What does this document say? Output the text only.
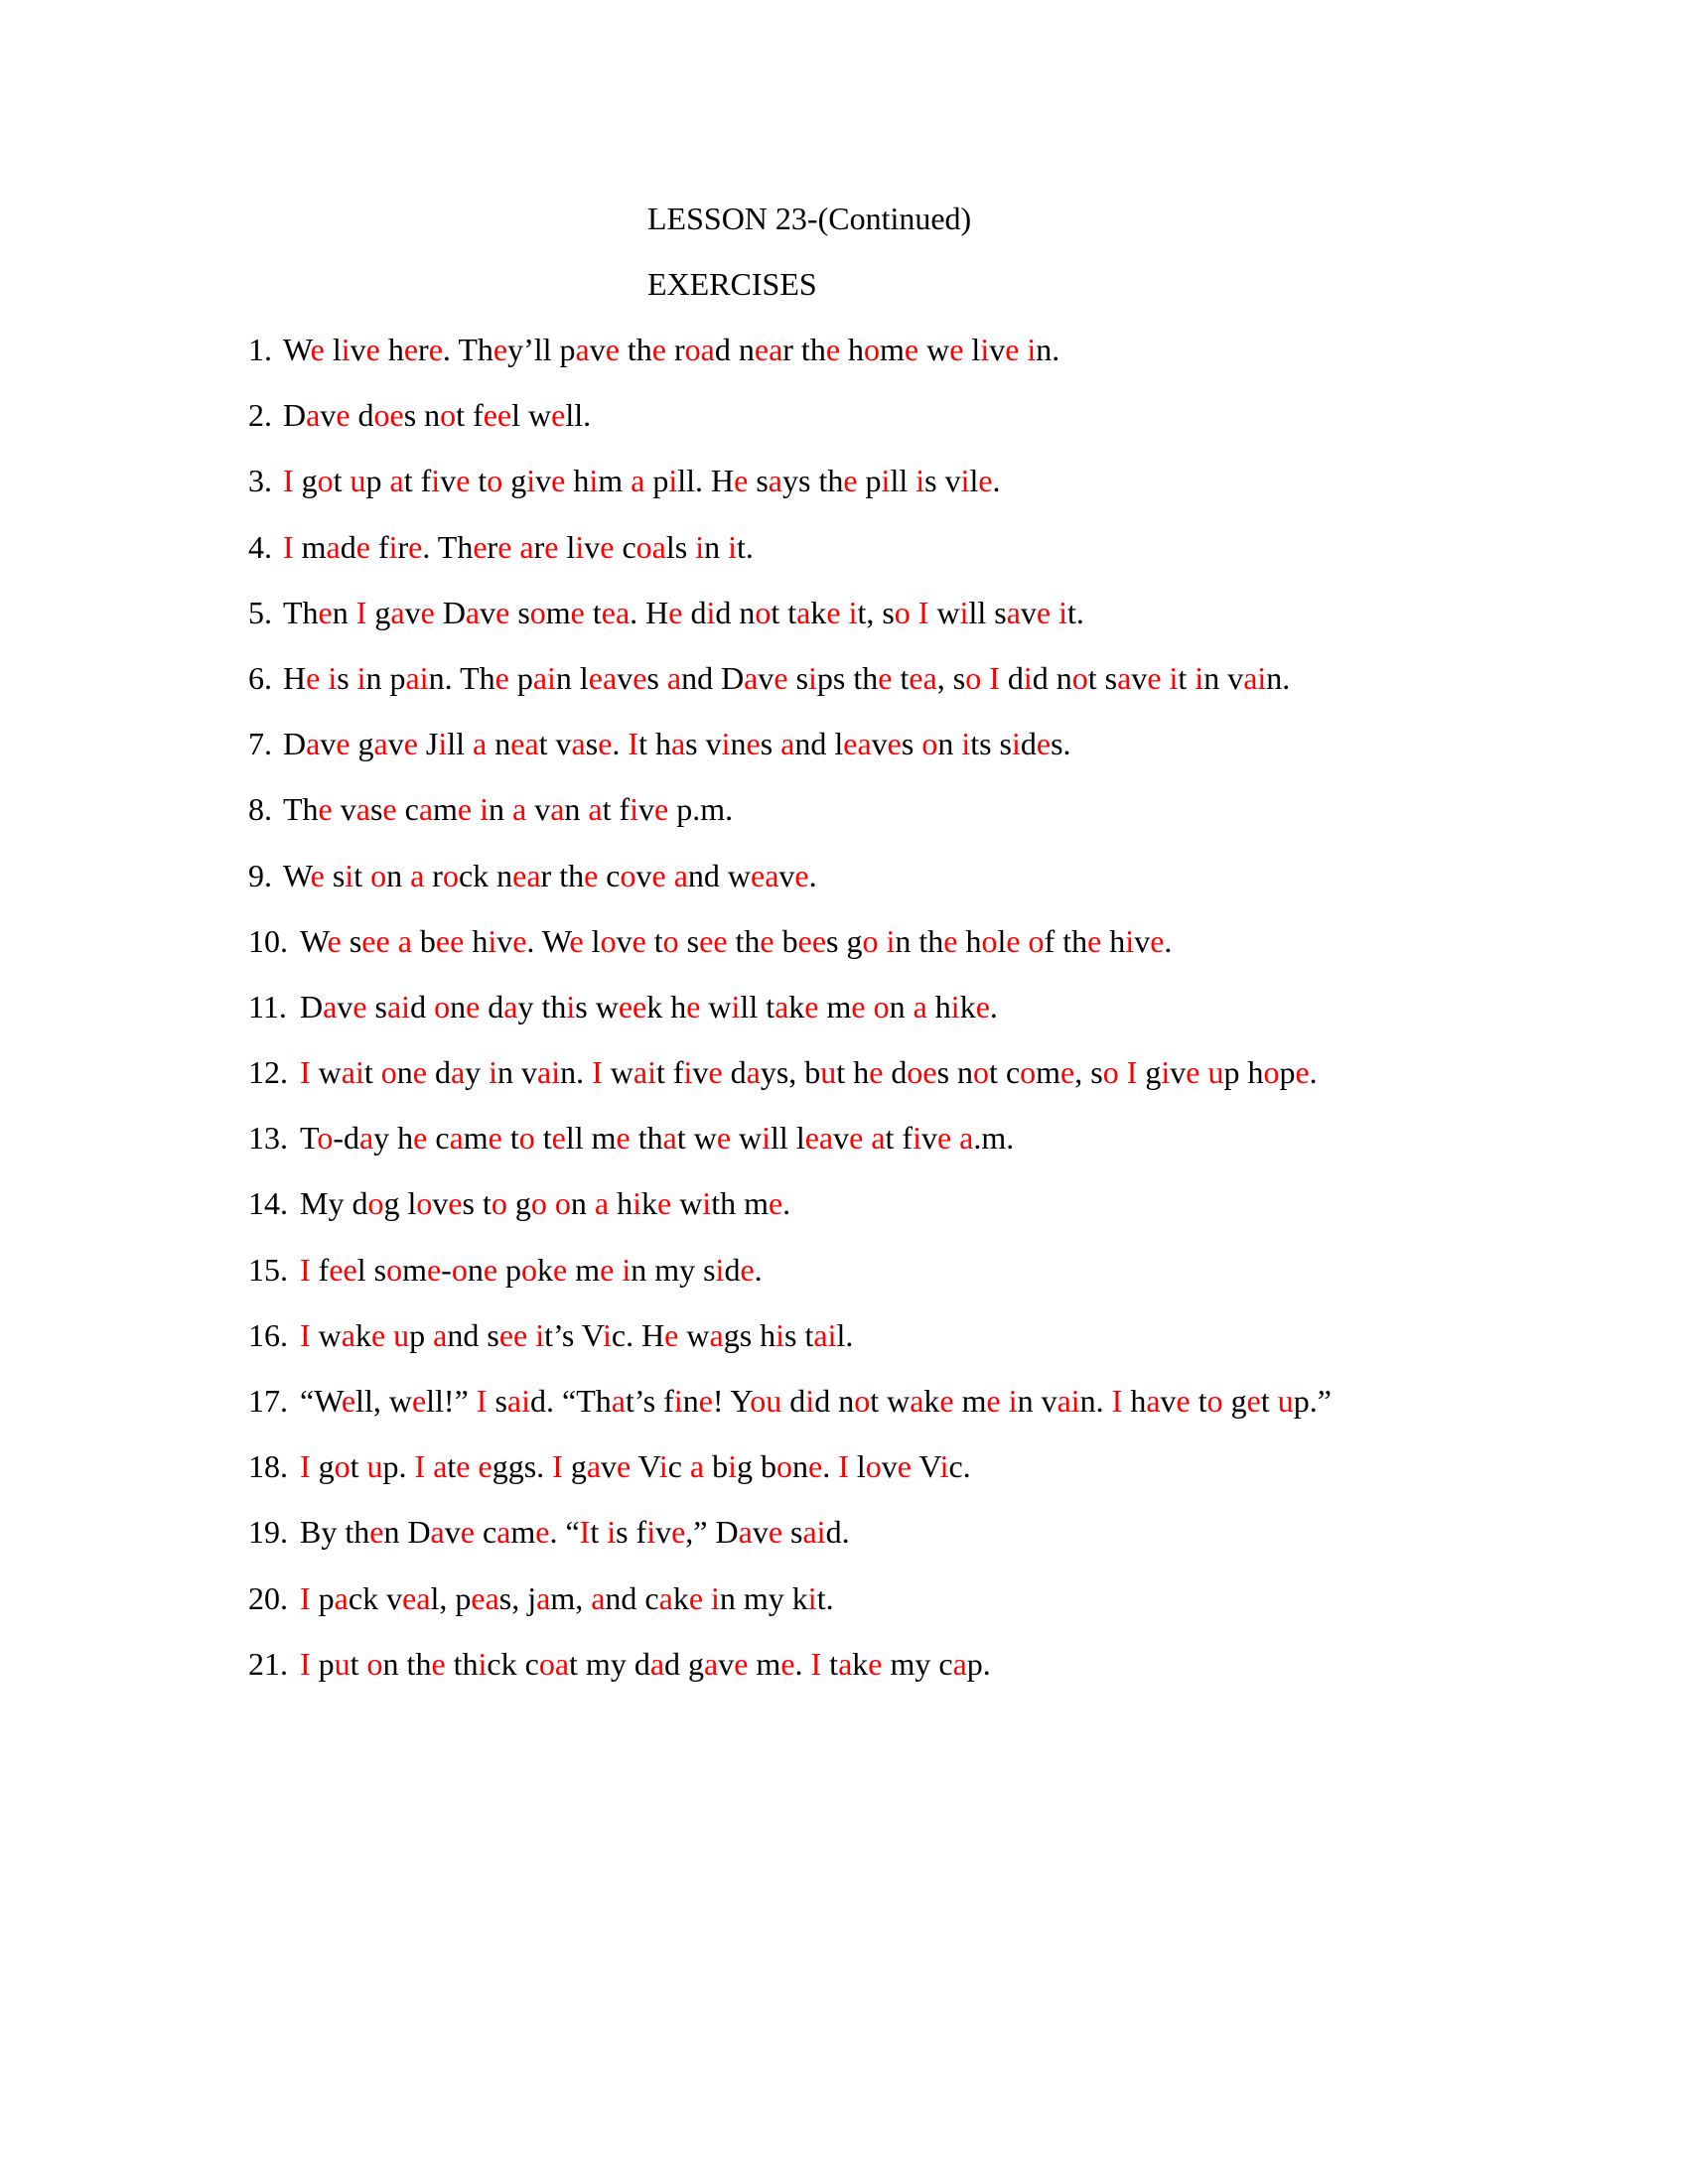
LESSON 23-(Continued)
EXERCISES
1. We live here. They’ll pave the road near the home we live in.
2. Dave does not feel well.
3. I got up at five to give him a pill. He says the pill is vile.
4. I made fire. There are live coals in it.
5. Then I gave Dave some tea. He did not take it, so I will save it.
6. He is in pain. The pain leaves and Dave sips the tea, so I did not save it in vain.
7. Dave gave Jill a neat vase. It has vines and leaves on its sides.
8. The vase came in a van at five p.m.
9. We sit on a rock near the cove and weave.
10. We see a bee hive. We love to see the bees go in the hole of the hive.
11. Dave said one day this week he will take me on a hike.
12. I wait one day in vain. I wait five days, but he does not come, so I give up hope.
13. To-day he came to tell me that we will leave at five a.m.
14. My dog loves to go on a hike with me.
15. I feel some-one poke me in my side.
16. I wake up and see it’s Vic. He wags his tail.
17. “Well, well!” I said. “That’s fine! You did not wake me in vain. I have to get up.”
18. I got up. I ate eggs. I gave Vic a big bone. I love Vic.
19. By then Dave came. “It is five,” Dave said.
20. I pack veal, peas, jam, and cake in my kit.
21. I put on the thick coat my dad gave me. I take my cap.
